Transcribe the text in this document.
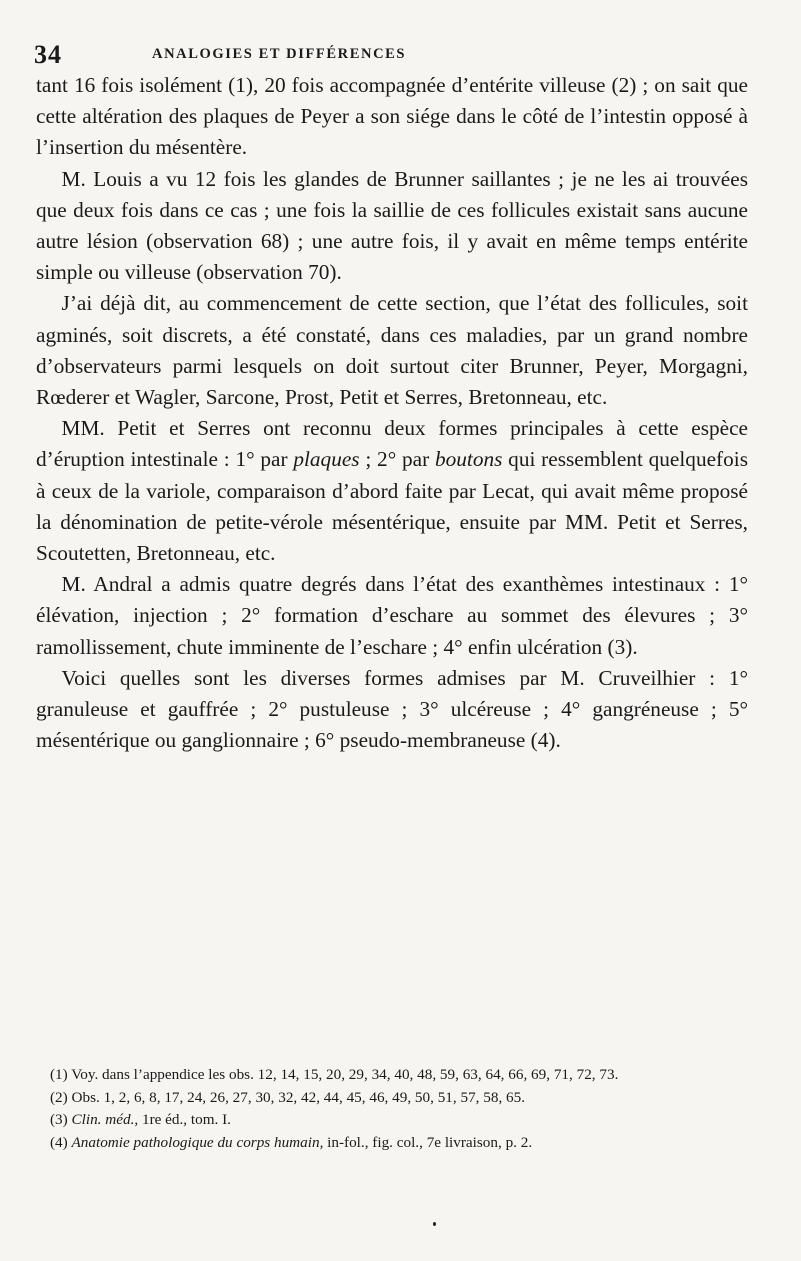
34	ANALOGIES ET DIFFÉRENCES

tant 16 fois isolément (1), 20 fois accompagnée d’entérite villeuse (2) ; on sait que cette altération des plaques de Peyer a son siége dans le côté de l’intestin opposé à l’insertion du mésentère.

M. Louis a vu 12 fois les glandes de Brunner saillantes ; je ne les ai trouvées que deux fois dans ce cas ; une fois la saillie de ces follicules existait sans aucune autre lésion (observation 68) ; une autre fois, il y avait en même temps entérite simple ou villeuse (observation 70).

J’ai déjà dit, au commencement de cette section, que l’état des follicules, soit agminés, soit discrets, a été constaté, dans ces maladies, par un grand nombre d’observateurs parmi lesquels on doit surtout citer Brunner, Peyer, Morgagni, Rœderer et Wagler, Sarcone, Prost, Petit et Serres, Bretonneau, etc.

MM. Petit et Serres ont reconnu deux formes principales à cette espèce d’éruption intestinale : 1° par plaques ; 2° par boutons qui ressemblent quelquefois à ceux de la variole, comparaison d’abord faite par Lecat, qui avait même proposé la dénomination de petite-vérole mésentérique, ensuite par MM. Petit et Serres, Scoutetten, Bretonneau, etc.

M. Andral a admis quatre degrés dans l’état des exanthèmes intestinaux : 1° élévation, injection ; 2° formation d’eschare au sommet des élevures ; 3° ramollissement, chute imminente de l’eschare ; 4° enfin ulcération (3).

Voici quelles sont les diverses formes admises par M. Cruveilhier : 1° granuleuse et gauffrée ; 2° pustuleuse ; 3° ulcéreuse ; 4° gangréneuse ; 5° mésentérique ou ganglionnaire ; 6° pseudo-membraneuse (4).

(1) Voy. dans l’appendice les obs. 12, 14, 15, 20, 29, 34, 40, 48, 59, 63, 64, 66, 69, 71, 72, 73.

(2) Obs. 1, 2, 6, 8, 17, 24, 26, 27, 30, 32, 42, 44, 45, 46, 49, 50, 51, 57, 58, 65.

(3) Clin. méd., 1re éd., tom. I.

(4) Anatomie pathologique du corps humain, in-fol., fig. col., 7e livraison, p. 2.
